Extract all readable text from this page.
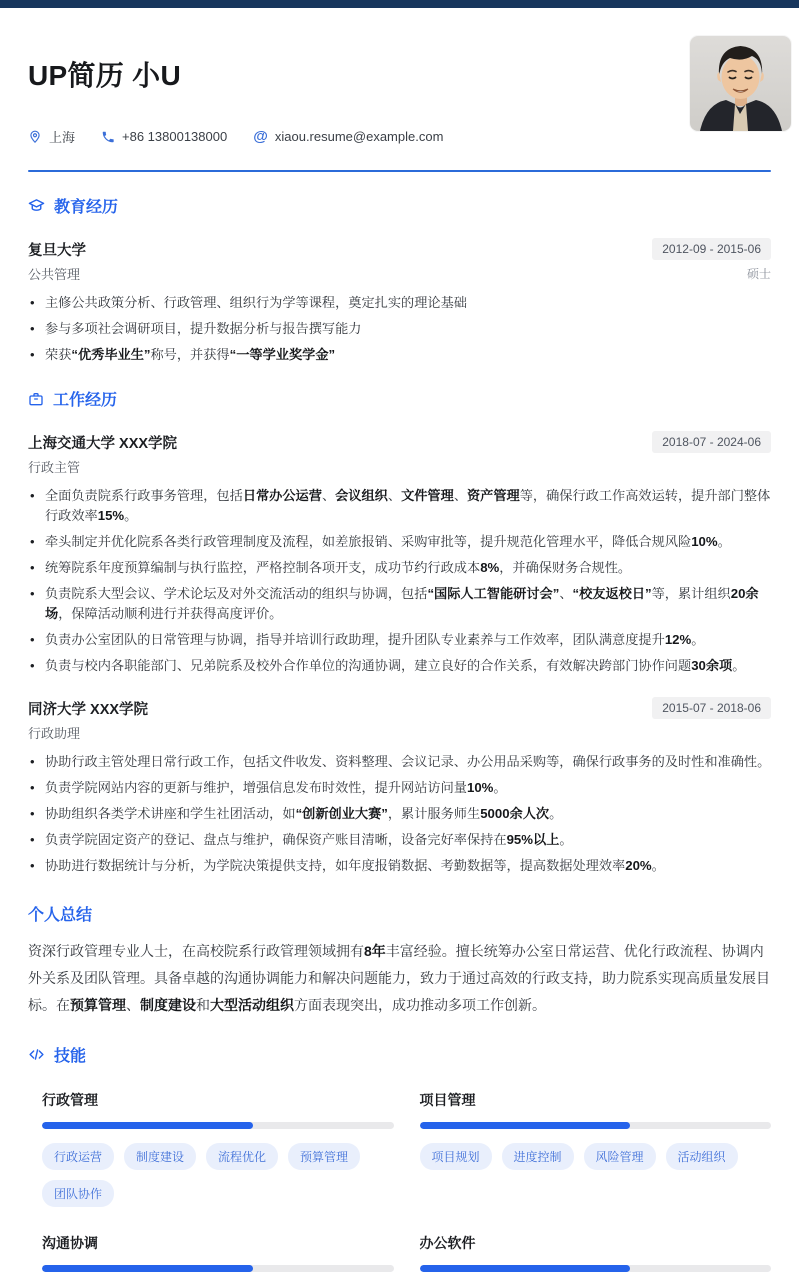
UP简历 小U
上海	+86 13800138000 @ xiaou.resume@example.com
教育经历
复旦大学	2012-09 - 2015-06
公共管理	硕士
• 主修公共政策分析、行政管理、组织行为学等课程，奠定扎实的理论基础
• 参与多项社会调研项目，提升数据分析与报告撰写能力
• 荣获“优秀毕业生”称号，并获得“一等学业奖学金”
工作经历
上海交通大学 XXX学院	2018-07 - 2024-06
行政主管
• 全面负责院系行政事务管理，包括日常办公运营、会议组织、文件管理、资产管理等，确保行政工作高效运转，提升部门整体行政效率15%。
• 牵头制定并优化院系各类行政管理制度及流程，如差旅报销、采购审批等，提升规范化管理水平，降低合规风险10%。
• 统筹院系年度预算编制与执行监控，严格控制各项开支，成功节约行政成本8%，并确保财务合规性。
• 负责院系大型会议、学术论坛及对外交流活动的组织与协调，包括“国际人工智能研讨会”、“校友返校日”等，累计组织20余场，保障活动顺利进行并获得高度评价。
• 负责办公室团队的日常管理与协调，指导并培训行政助理，提升团队专业素养与工作效率，团队满意度提升12%。
• 负责与校内各职能部门、兄弟院系及校外合作单位的沟通协调，建立良好的合作关系，有效解决跨部门协作问题30余项。
同济大学 XXX学院	2015-07 - 2018-06
行政助理
• 协助行政主管处理日常行政工作，包括文件收发、资料整理、会议记录、办公用品采购等，确保行政事务的及时性和准确性。
• 负责学院网站内容的更新与维护，增强信息发布时效性，提升网站访问量10%。
• 协助组织各类学术讲座和学生社团活动，如“创新创业大赛”，累计服务师生5000余人次。
• 负责学院固定资产的登记、盘点与维护，确保资产账目清晰，设备完好率保持在95%以上。
• 协助进行数据统计与分析，为学院决策提供支持，如年度报销数据、考勤数据等，提高数据处理效率20%。
个人总结
资深行政管理专业人士，在高校院系行政管理领域拥有8年丰富经验。擅长统筹办公室日常运营、优化行政流程、协调内外关系及团队管理。具备卓越的沟通协调能力和解决问题能力，致力于通过高效的行政支持，助力院系实现高质量发展目标。在预算管理、制度建设和大型活动组织方面表现突出，成功推动多项工作创新。
技能
行政管理
行政运营	制度建设	流程优化	预算管理
团队协作
项目管理
项目规划	进度控制	风险管理	活动组织
沟通协调	办公软件
